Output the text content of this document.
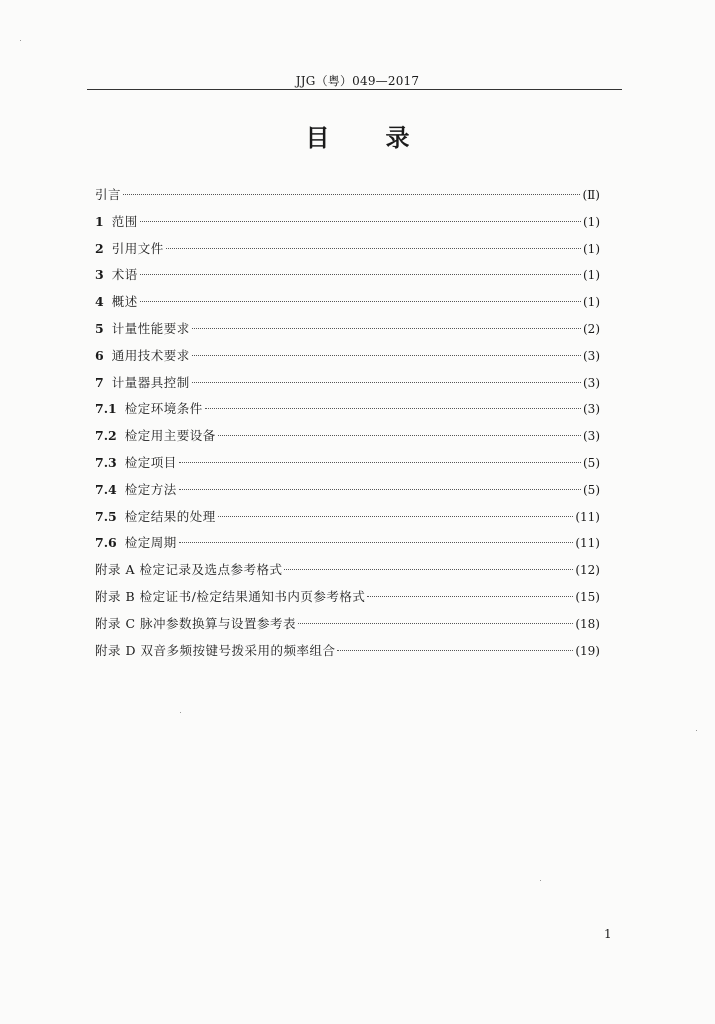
JJG（粤）049—2017
目 录
引言	(Ⅱ)
1 范围	(1)
2 引用文件	(1)
3 术语	(1)
4 概述	(1)
5 计量性能要求	(2)
6 通用技术要求	(3)
7 计量器具控制	(3)
7.1 检定环境条件	(3)
7.2 检定用主要设备	(3)
7.3 检定项目	(5)
7.4 检定方法	(5)
7.5 检定结果的处理	(11)
7.6 检定周期	(11)
附录 A 检定记录及选点参考格式	(12)
附录 B 检定证书/检定结果通知书内页参考格式	(15)
附录 C 脉冲参数换算与设置参考表	(18)
附录 D 双音多频按键号拨采用的频率组合	(19)
1
